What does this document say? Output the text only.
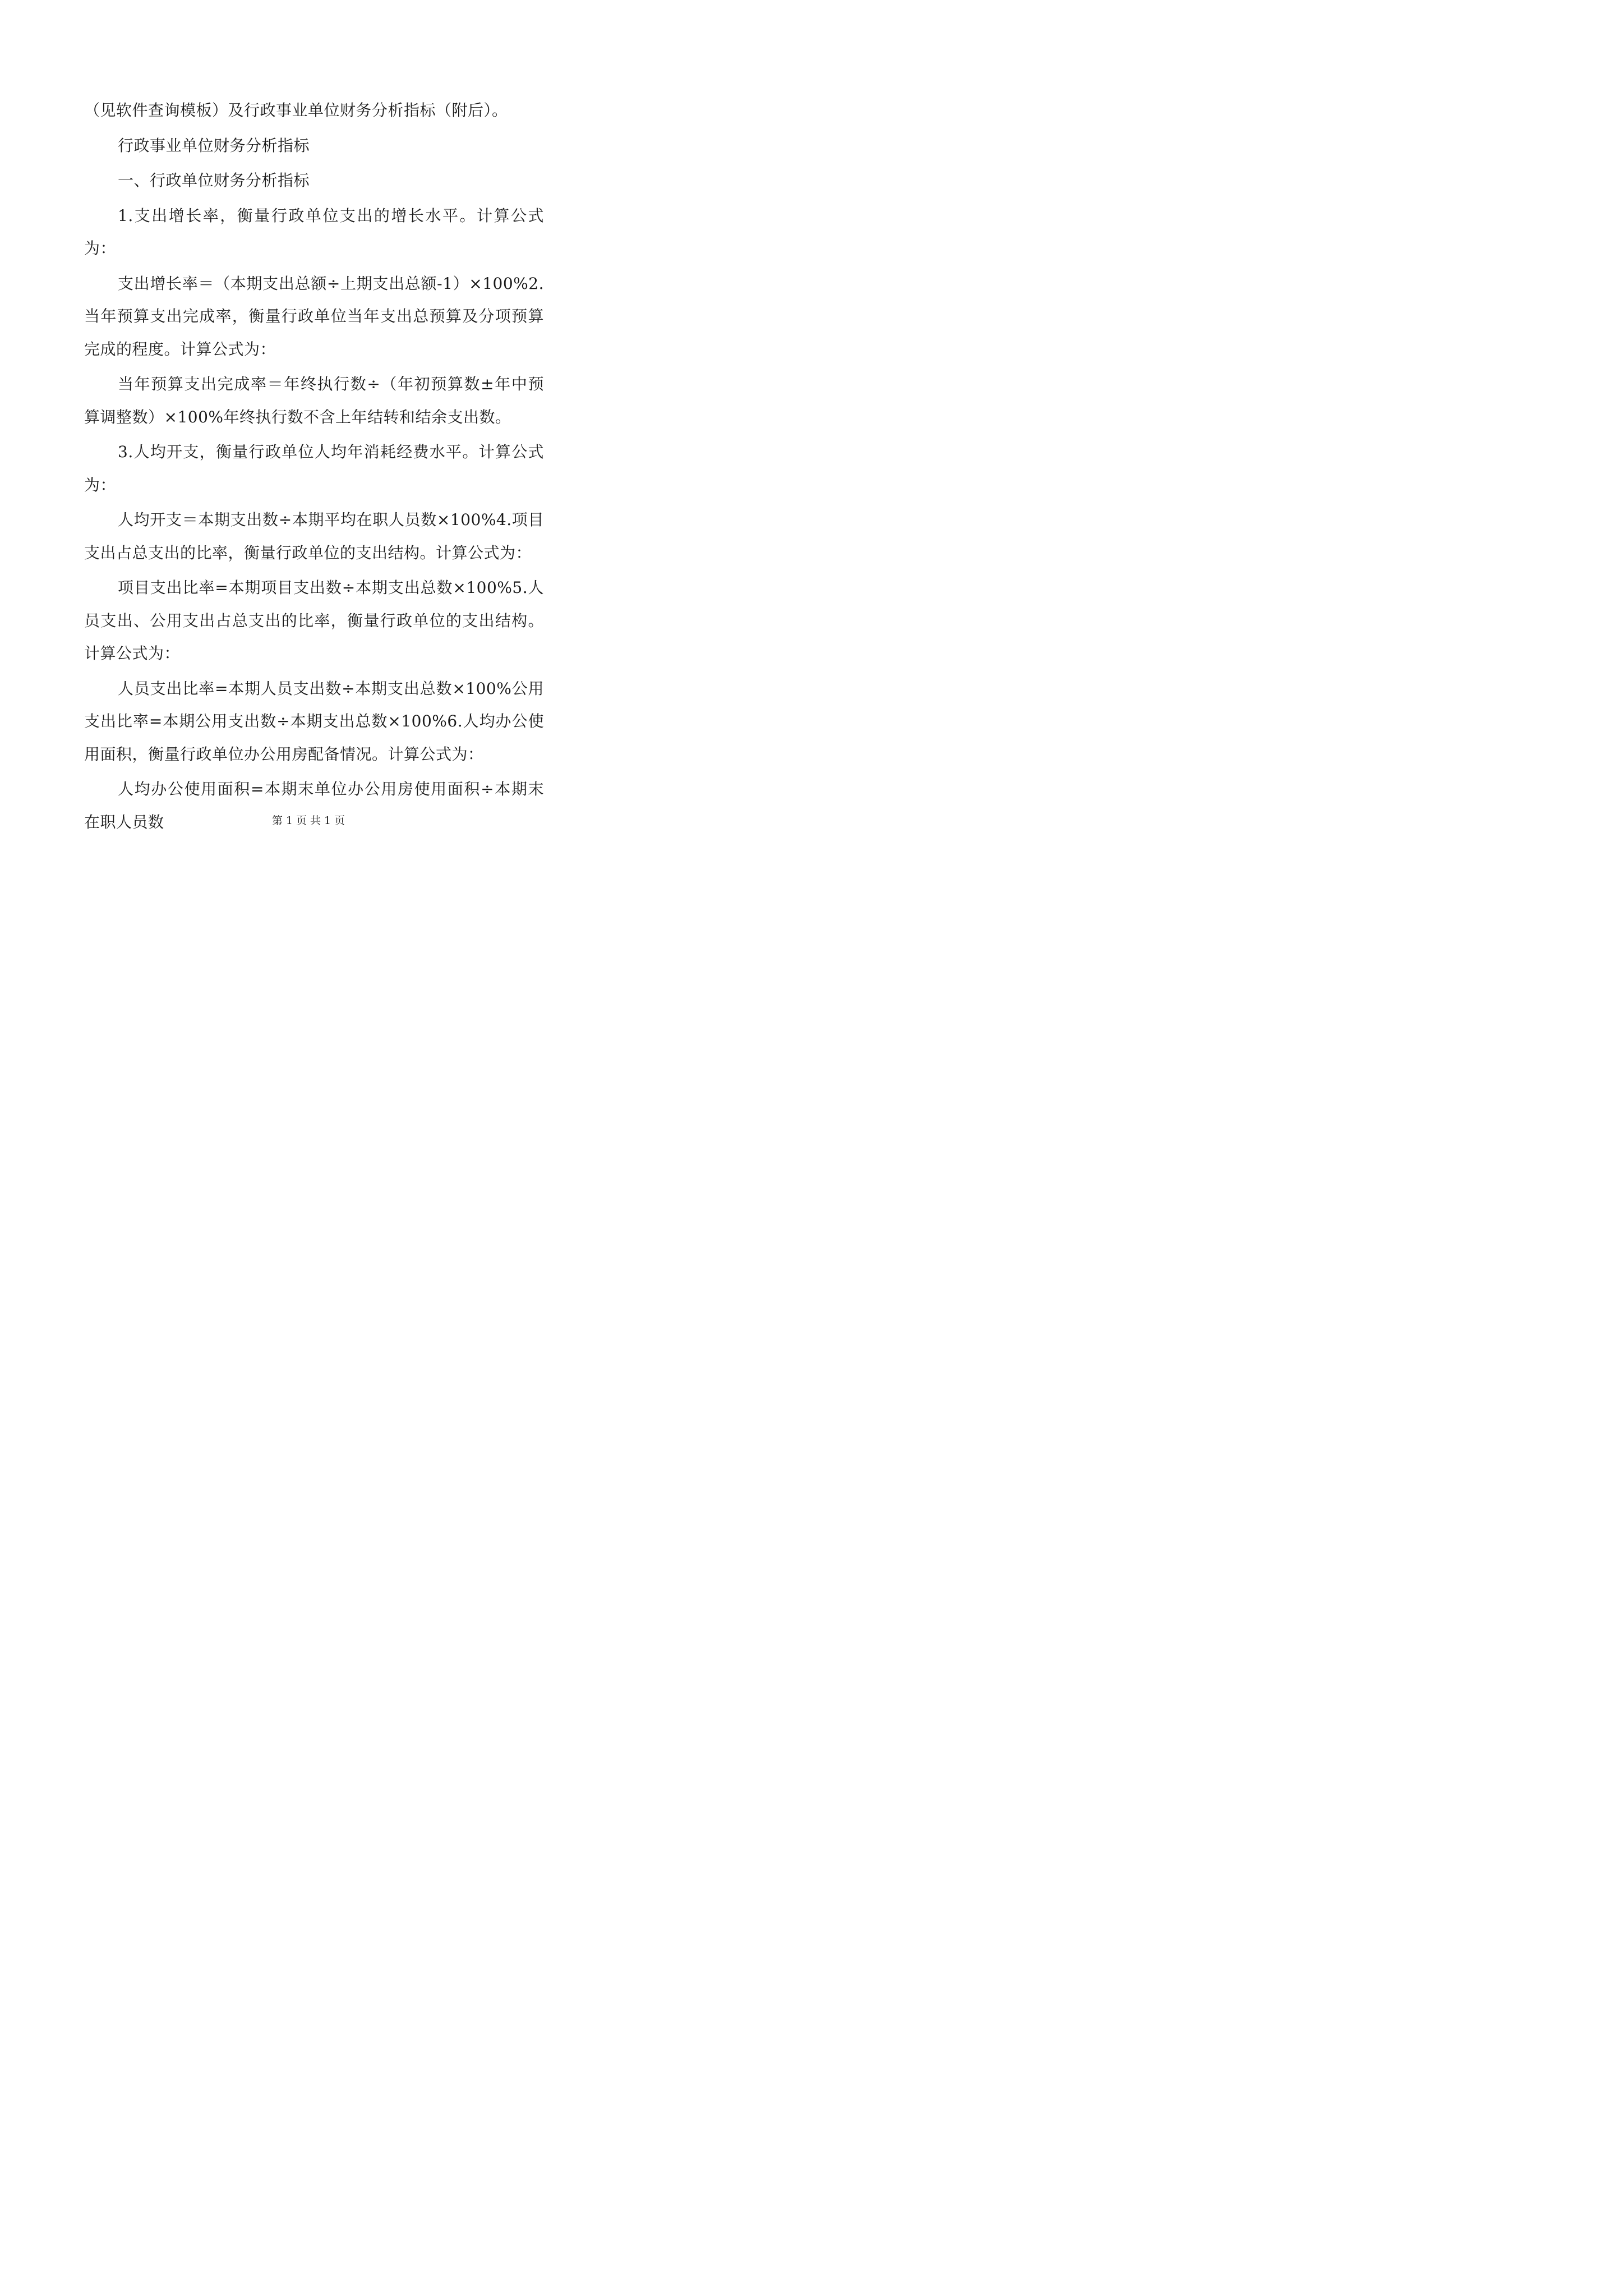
（见软件查询模板）及行政事业单位财务分析指标（附后）。

行政事业单位财务分析指标

一、行政单位财务分析指标

1.支出增长率，衡量行政单位支出的增长水平。计算公式为：

支出增长率＝（本期支出总额÷上期支出总额-1）×100%2.当年预算支出完成率，衡量行政单位当年支出总预算及分项预算完成的程度。计算公式为：

当年预算支出完成率＝年终执行数÷（年初预算数±年中预算调整数）×100%年终执行数不含上年结转和结余支出数。

3.人均开支，衡量行政单位人均年消耗经费水平。计算公式为：

人均开支＝本期支出数÷本期平均在职人员数×100%4.项目支出占总支出的比率，衡量行政单位的支出结构。计算公式为：

项目支出比率=本期项目支出数÷本期支出总数×100%5.人员支出、公用支出占总支出的比率，衡量行政单位的支出结构。计算公式为：

人员支出比率=本期人员支出数÷本期支出总数×100%公用支出比率=本期公用支出数÷本期支出总数×100%6.人均办公使用面积，衡量行政单位办公用房配备情况。计算公式为：

人均办公使用面积=本期末单位办公用房使用面积÷本期末在职人员数	第 1 页 共 1 页
